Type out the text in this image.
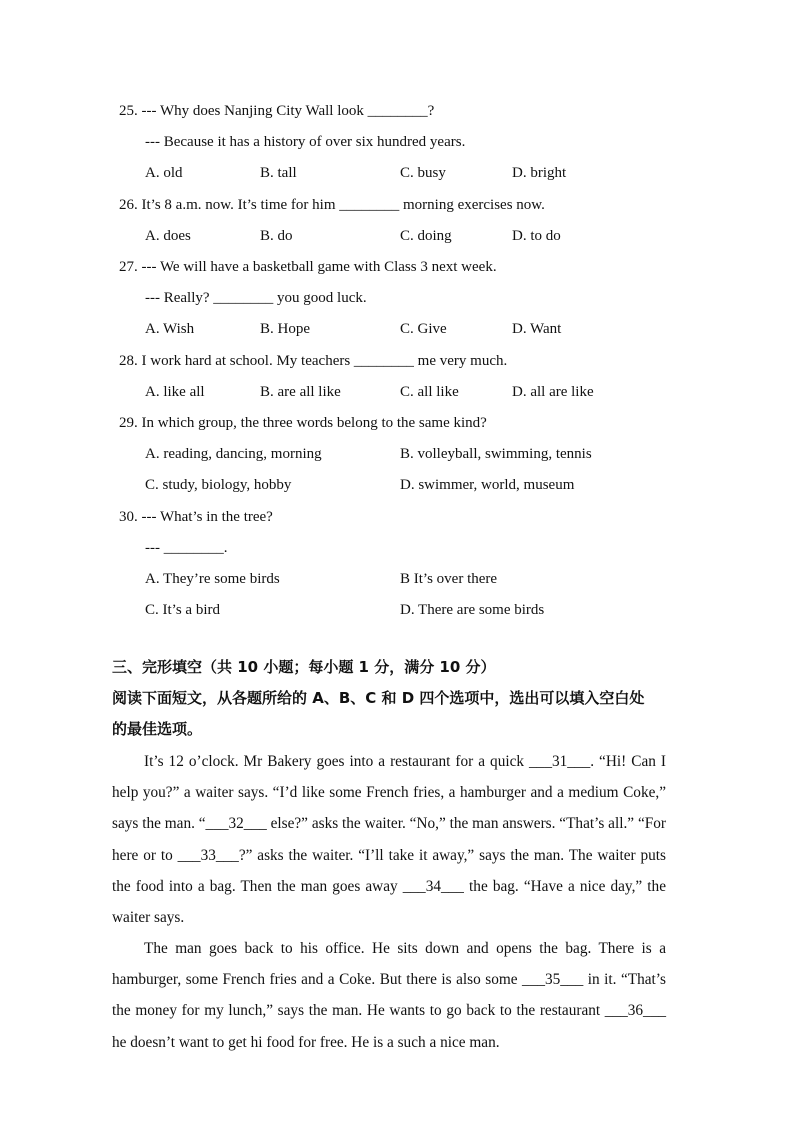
25. --- Why does Nanjing City Wall look ________?
--- Because it has a history of over six hundred years.
A. old	B. tall	C. busy	D. bright
26. It’s 8 a.m. now. It’s time for him ________ morning exercises now.
A. does	B. do	C. doing	D. to do
27. --- We will have a basketball game with Class 3 next week.
--- Really? ________ you good luck.
A. Wish	B. Hope	C. Give	D. Want
28. I work hard at school. My teachers ________ me very much.
A. like all	B. are all like	C. all like	D. all are like
29. In which group, the three words belong to the same kind?
A. reading, dancing, morning	B. volleyball, swimming, tennis
C. study, biology, hobby	D. swimmer, world, museum
30. --- What’s in the tree?
--- ________.
A. They’re some birds	B It’s over there
C. It’s a bird	D. There are some birds
三、完形填空（共 10 小题；每小题 1 分，满分 10 分）
阅读下面短文，从各题所给的 A、B、C 和 D 四个选项中，选出可以填入空白处
的最佳选项。
It’s 12 o’clock. Mr Bakery goes into a restaurant for a quick ___31___. “Hi! Can I help you?” a waiter says. “I’d like some French fries, a hamburger and a medium Coke,” says the man. “___32___ else?” asks the waiter. “No,” the man answers. “That’s all.” “For here or to ___33___?” asks the waiter. “I’ll take it away,” says the man. The waiter puts the food into a bag. Then the man goes away ___34___ the bag. “Have a nice day,” the waiter says.
The man goes back to his office. He sits down and opens the bag. There is a hamburger, some French fries and a Coke. But there is also some ___35___ in it. “That’s the money for my lunch,” says the man. He wants to go back to the restaurant ___36___ he doesn’t want to get hi food for free. He is a such a nice man.
